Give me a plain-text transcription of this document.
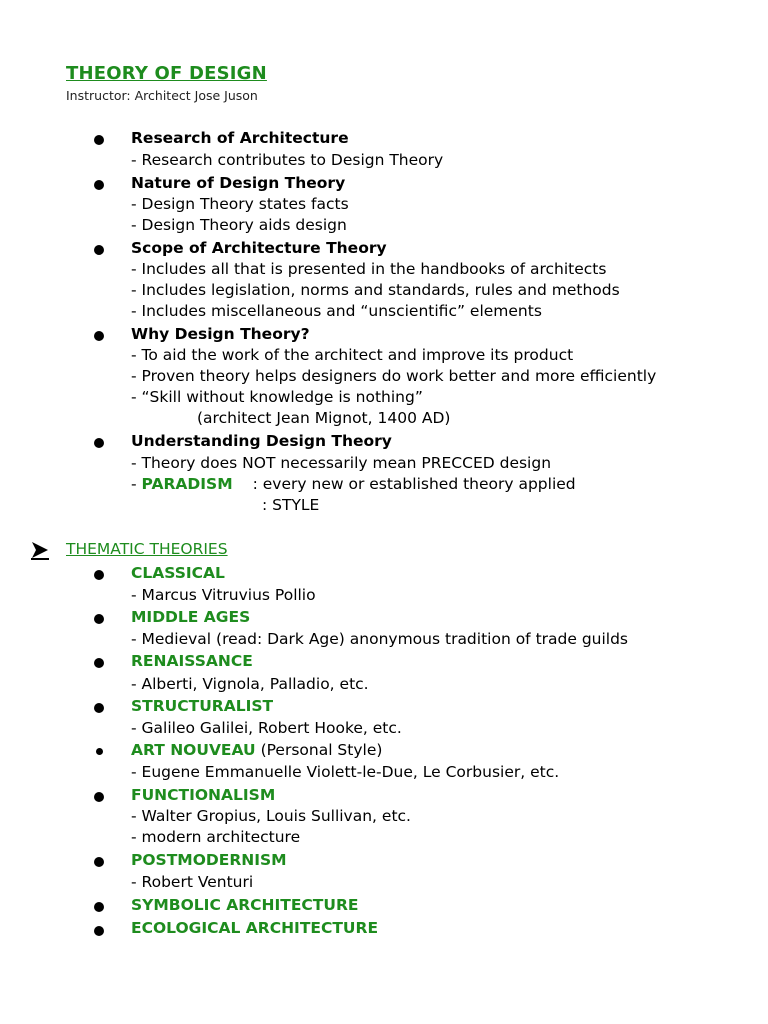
THEORY OF DESIGN
Instructor: Architect Jose Juson
Research of Architecture
- Research contributes to Design Theory
Nature of Design Theory
- Design Theory states facts
- Design Theory aids design
Scope of Architecture Theory
- Includes all that is presented in the handbooks of architects
- Includes legislation, norms and standards, rules and methods
- Includes miscellaneous and “unscientific” elements
Why Design Theory?
- To aid the work of the architect and improve its product
- Proven theory helps designers do work better and more efficiently
- “Skill without knowledge is nothing”
(architect Jean Mignot, 1400 AD)
Understanding Design Theory
- Theory does NOT necessarily mean PRECCED design
- PARADISM : every new or established theory applied
: STYLE
THEMATIC THEORIES
CLASSICAL
- Marcus Vitruvius Pollio
MIDDLE AGES
- Medieval (read: Dark Age) anonymous tradition of trade guilds
RENAISSANCE
- Alberti, Vignola, Palladio, etc.
STRUCTURALIST
- Galileo Galilei, Robert Hooke, etc.
ART NOUVEAU (Personal Style)
- Eugene Emmanuelle Violett-le-Due, Le Corbusier, etc.
FUNCTIONALISM
- Walter Gropius, Louis Sullivan, etc.
- modern architecture
POSTMODERNISM
- Robert Venturi
SYMBOLIC ARCHITECTURE
ECOLOGICAL ARCHITECTURE
